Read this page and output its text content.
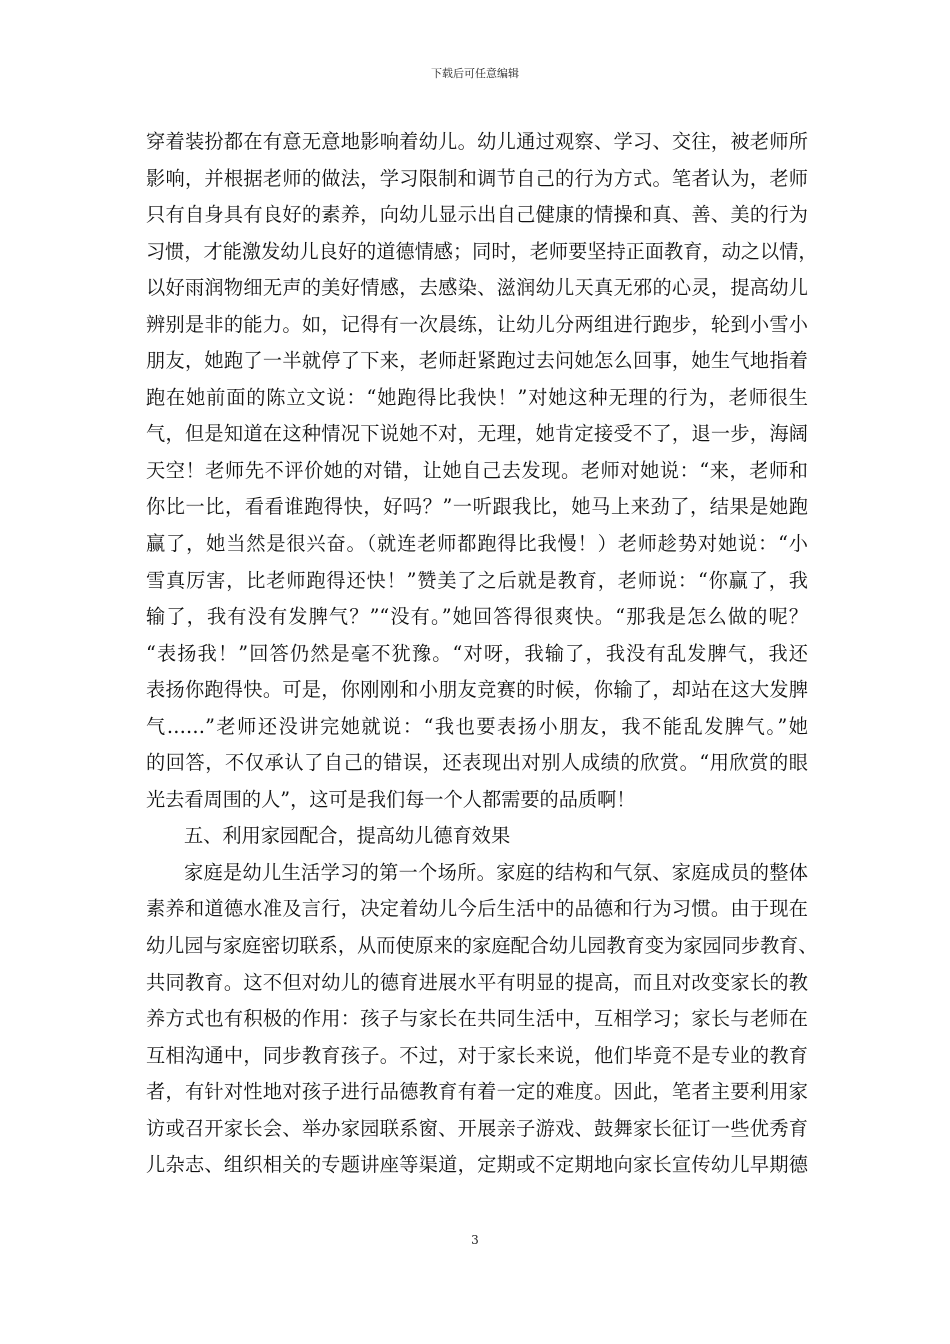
下载后可任意编辑
穿着装扮都在有意无意地影响着幼儿。幼儿通过观察、学习、交往，被老师所
影响，并根据老师的做法，学习限制和调节自己的行为方式。笔者认为，老师
只有自身具有良好的素养，向幼儿显示出自己健康的情操和真、善、美的行为
习惯，才能激发幼儿良好的道德情感；同时，老师要坚持正面教育，动之以情，
以好雨润物细无声的美好情感，去感染、滋润幼儿天真无邪的心灵，提高幼儿
辨别是非的能力。如，记得有一次晨练，让幼儿分两组进行跑步，轮到小雪小
朋友，她跑了一半就停了下来，老师赶紧跑过去问她怎么回事，她生气地指着
跑在她前面的陈立文说：“她跑得比我快！”对她这种无理的行为，老师很生
气，但是知道在这种情况下说她不对，无理，她肯定接受不了，退一步，海阔
天空！老师先不评价她的对错，让她自己去发现。老师对她说：“来，老师和
你比一比，看看谁跑得快，好吗？”一听跟我比，她马上来劲了，结果是她跑
赢了，她当然是很兴奋。（就连老师都跑得比我慢！）老师趁势对她说：“小
雪真厉害，比老师跑得还快！”赞美了之后就是教育，老师说：“你赢了，我
输了，我有没有发脾气？”“没有。”她回答得很爽快。“那我是怎么做的呢？
“表扬我！”回答仍然是毫不犹豫。“对呀，我输了，我没有乱发脾气，我还
表扬你跑得快。可是，你刚刚和小朋友竞赛的时候，你输了，却站在这大发脾
气……”老师还没讲完她就说：“我也要表扬小朋友，我不能乱发脾气。”她
的回答，不仅承认了自己的错误，还表现出对别人成绩的欣赏。“用欣赏的眼
光去看周围的人”，这可是我们每一个人都需要的品质啊！
五、利用家园配合，提高幼儿德育效果
家庭是幼儿生活学习的第一个场所。家庭的结构和气氛、家庭成员的整体
素养和道德水准及言行，决定着幼儿今后生活中的品德和行为习惯。由于现在
幼儿园与家庭密切联系，从而使原来的家庭配合幼儿园教育变为家园同步教育、
共同教育。这不但对幼儿的德育进展水平有明显的提高，而且对改变家长的教
养方式也有积极的作用：孩子与家长在共同生活中，互相学习；家长与老师在
互相沟通中，同步教育孩子。不过，对于家长来说，他们毕竟不是专业的教育
者，有针对性地对孩子进行品德教育有着一定的难度。因此，笔者主要利用家
访或召开家长会、举办家园联系窗、开展亲子游戏、鼓舞家长征订一些优秀育
儿杂志、组织相关的专题讲座等渠道，定期或不定期地向家长宣传幼儿早期德
3
